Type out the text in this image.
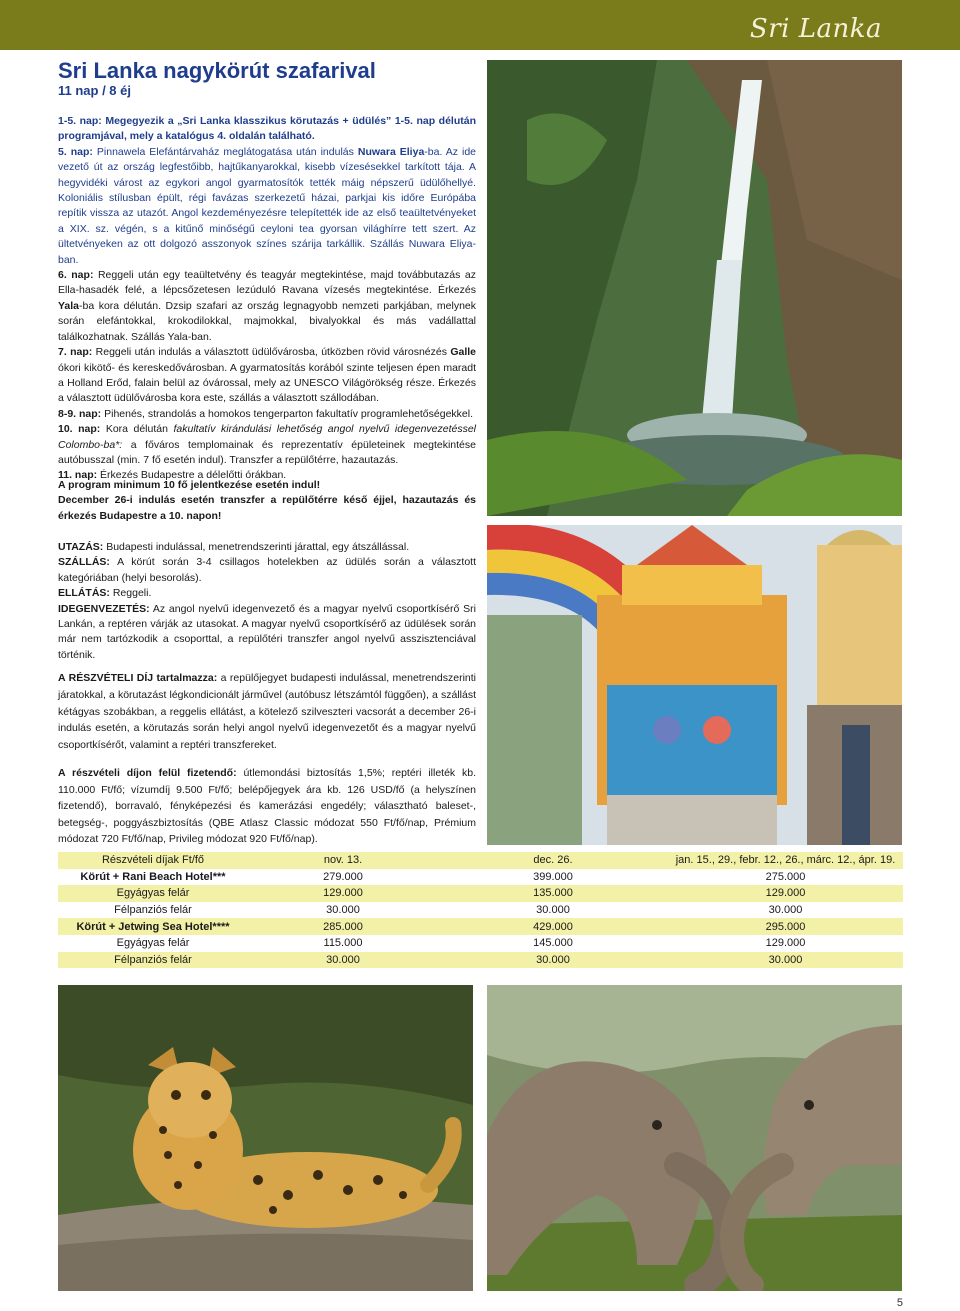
Sri Lanka
Sri Lanka nagykörút szafarival
11 nap / 8 éj

1-5. nap: Megegyezik a „Sri Lanka klasszikus körutazás + üdülés” 1-5. nap délután programjával, mely a katalógus 4. oldalán található.

5. nap: Pinnawela Elefántárvaház meglátogatása után indulás Nuwara Eliya-ba. Az ide vezető út az ország legfestőibb, hajtűkanyarokkal, kisebb vízesésekkel tarkított tája. A hegyvidéki várost az egykori angol gyarmatosítók tették máig népszerű üdülőhellyé. Koloniális stílusban épült, régi favázas szerkezetű házai, parkjai kis időre Európába repítik vissza az utazót. Angol kezdeményezésre telepítették ide az első teaültetvényeket a XIX. sz. végén, s a kitűnő minőségű ceyloni tea gyorsan világhírre tett szert. Az ültetvényeken az ott dolgozó asszonyok színes szárija tarkállik. Szállás Nuwara Eliya-ban.

6. nap: Reggeli után egy teaültetvény és teagyár megtekintése, majd továbbutazás az Ella-hasadék felé, a lépcsőzetesen lezúduló Ravana vízesés megtekintése. Érkezés Yala-ba kora délután. Dzsip szafari az ország legnagyobb nemzeti parkjában, melynek során elefántokkal, krokodilokkal, majmokkal, bivalyokkal és más vadállattal találkozhatnak. Szállás Yala-ban.

7. nap: Reggeli után indulás a választott üdülővárosba, útközben rövid városnézés Galle ókori kikötő- és kereskedővárosban. A gyarmatosítás korából szinte teljesen épen maradt a Holland Erőd, falain belül az óvárossal, mely az UNESCO Világörökség része. Érkezés a választott üdülővárosba kora este, szállás a választott szállodában.

8-9. nap: Pihenés, strandolás a homokos tengerparton fakultatív programlehetőségekkel.

10. nap: Kora délután fakultatív kirándulási lehetőség angol nyelvű idegenvezetéssel Colombo-ba*: a főváros templomainak és reprezentatív épületeinek megtekintése autóbusszal (min. 7 fő esetén indul). Transzfer a repülőtérre, hazautazás.

11. nap: Érkezés Budapestre a délelőtti órákban.

A program minimum 10 fő jelentkezése esetén indul!

December 26-i indulás esetén transzfer a repülőtérre késő éjjel, hazautazás és érkezés Budapestre a 10. napon!

UTAZÁS: Budapesti indulással, menetrendszerinti járattal, egy átszállással.

SZÁLLÁS: A körút során 3-4 csillagos hotelekben az üdülés során a választott kategóriában (helyi besorolás).

ELLÁTÁS: Reggeli.

IDEGENVEZETÉS: Az angol nyelvű idegenvezető és a magyar nyelvű csoportkísérő Sri Lankán, a reptéren várják az utasokat. A magyar nyelvű csoportkísérő az üdülések során már nem tartózkodik a csoporttal, a repülőtéri transzfer angol nyelvű asszisztenciával történik.

A RÉSZVÉTELI DÍJ tartalmazza: a repülőjegyet budapesti indulással, menetrendszerinti járatokkal, a körutazást légkondicionált járművel (autóbusz létszámtól függően), a szállást kétágyas szobákban, a reggelis ellátást, a kötelező szilveszteri vacsorát a december 26-i indulás esetén, a körutazás során helyi angol nyelvű idegenvezetőt és a magyar nyelvű csoportkísérőt, valamint a reptéri transzfereket.

A részvételi díjon felül fizetendő: útlemondási biztosítás 1,5%; reptéri illeték kb. 110.000 Ft/fő; vízumdíj 9.500 Ft/fő; belépőjegyek ára kb. 126 USD/fő (a helyszínen fizetendő), borravaló, fényképezési és kamerázási engedély; választható baleset-, betegség-, poggyászbiztosítás (QBE Atlasz Classic módozat 550 Ft/fő/nap, Prémium módozat 720 Ft/fő/nap, Privileg módozat 920 Ft/fő/nap).

Részvételi díjak Ft/fő	nov. 13.	dec. 26.	jan. 15., 29., febr. 12., 26., márc. 12., ápr. 19.
Körút + Rani Beach Hotel***	279.000	399.000	275.000
Egyágyas felár	129.000	135.000	129.000
Félpanziós felár	30.000	30.000	30.000
Körút + Jetwing Sea Hotel****	285.000	429.000	295.000
Egyágyas felár	115.000	145.000	129.000
Félpanziós felár	30.000	30.000	30.000
5
